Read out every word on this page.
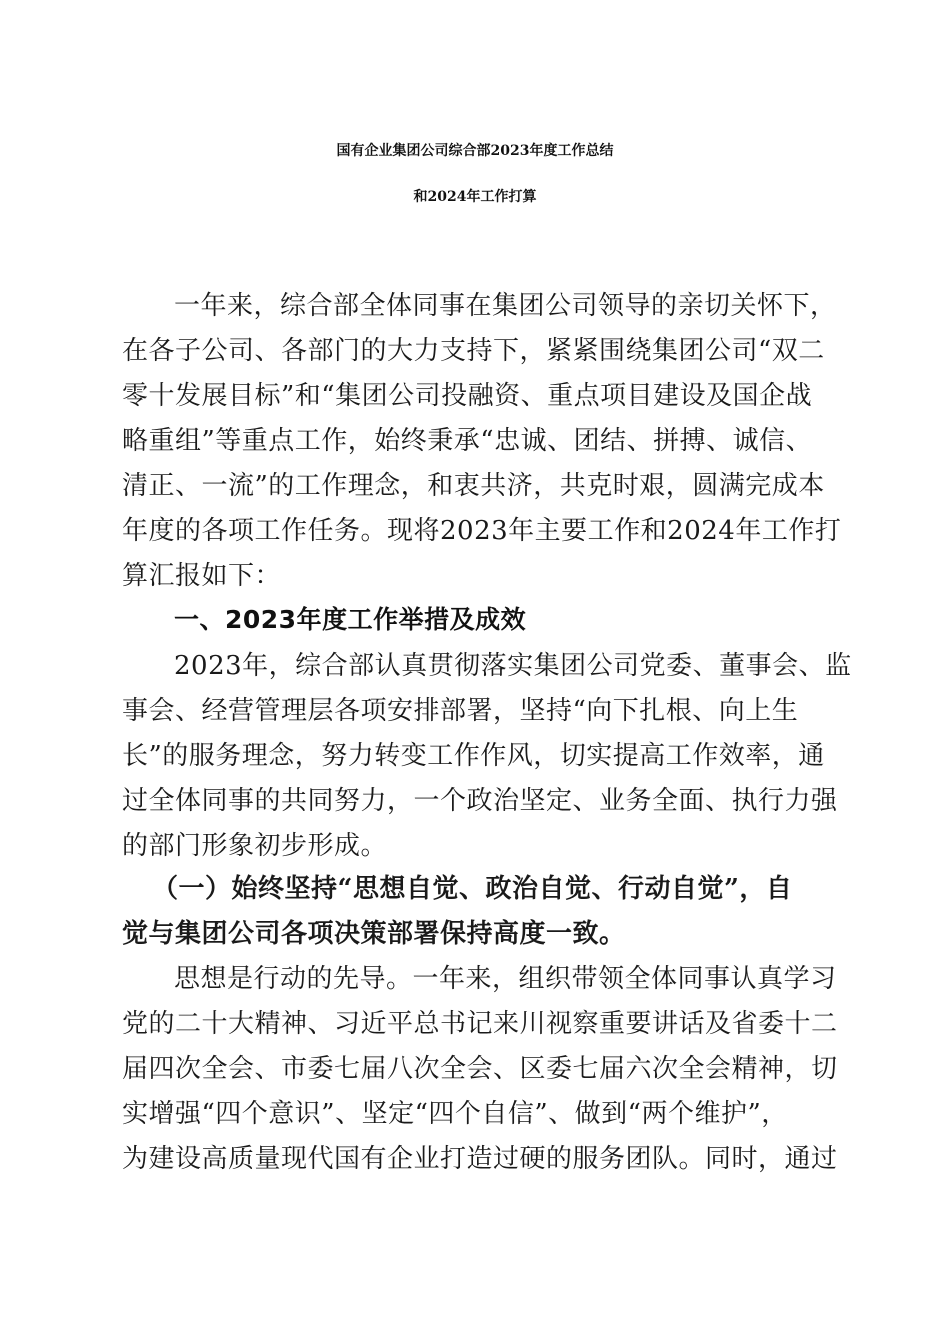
国有企业集团公司综合部2023年度工作总结
和2024年工作打算
一年来，综合部全体同事在集团公司领导的亲切关怀下，
在各子公司、各部门的大力支持下，紧紧围绕集团公司“双二
零十发展目标”和“集团公司投融资、重点项目建设及国企战
略重组”等重点工作，始终秉承“忠诚、团结、拼搏、诚信、
清正、一流”的工作理念，和衷共济，共克时艰，圆满完成本
年度的各项工作任务。现将2023年主要工作和2024年工作打
算汇报如下：
一、2023年度工作举措及成效
2023年，综合部认真贯彻落实集团公司党委、董事会、监
事会、经营管理层各项安排部署，坚持“向下扎根、向上生
长”的服务理念，努力转变工作作风，切实提高工作效率，通
过全体同事的共同努力，一个政治坚定、业务全面、执行力强
的部门形象初步形成。
（一）始终坚持“思想自觉、政治自觉、行动自觉”，自
觉与集团公司各项决策部署保持高度一致。
思想是行动的先导。一年来，组织带领全体同事认真学习
党的二十大精神、习近平总书记来川视察重要讲话及省委十二
届四次全会、市委七届八次全会、区委七届六次全会精神，切
实增强“四个意识”、坚定“四个自信”、做到“两个维护”，
为建设高质量现代国有企业打造过硬的服务团队。同时，通过
